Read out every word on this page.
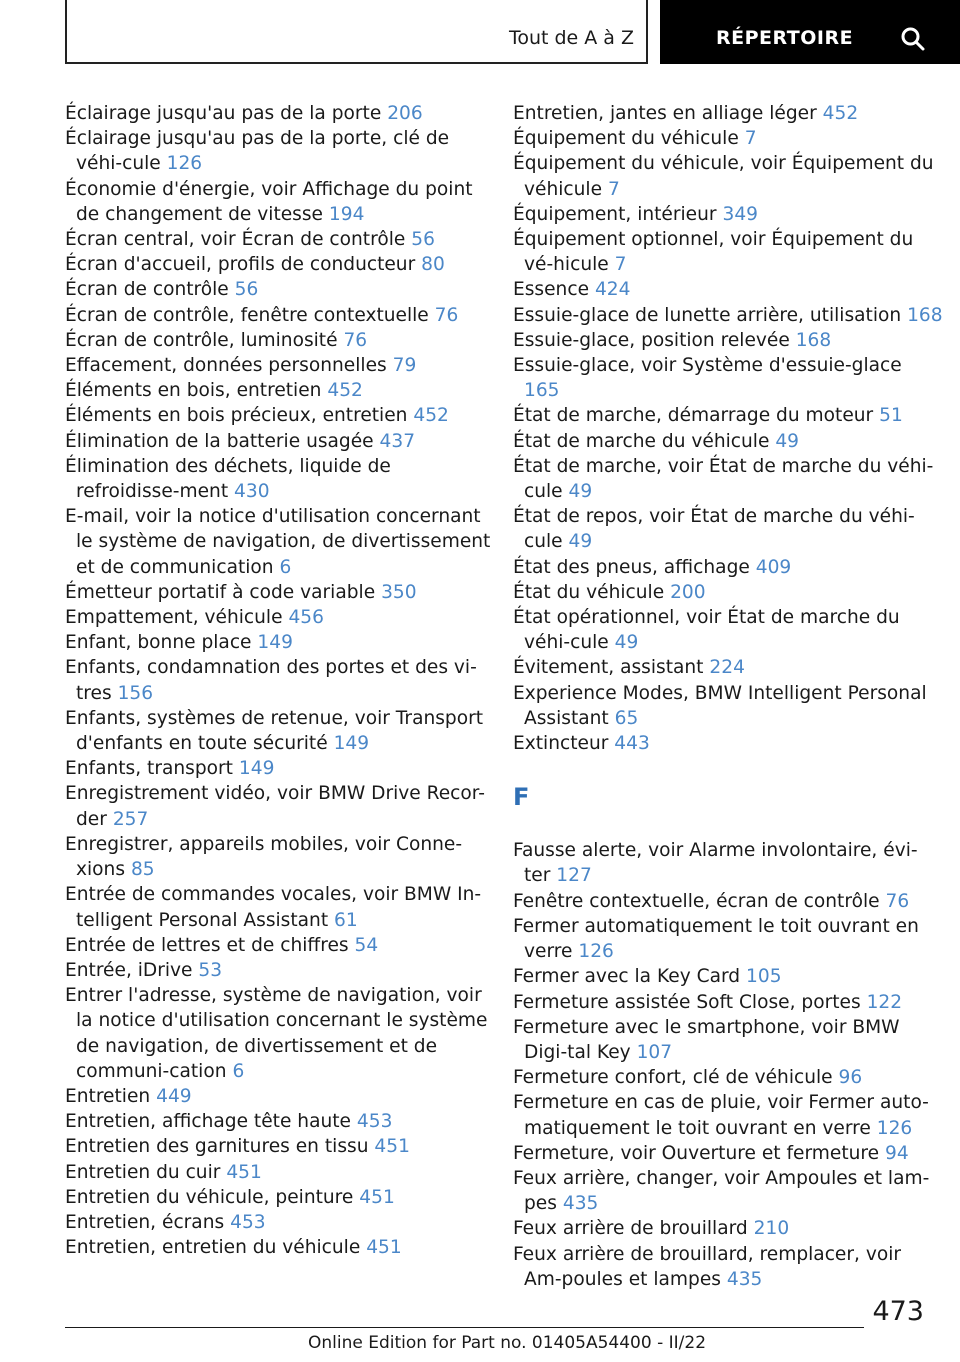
Tout de A à Z	RÉPERTOIRE
Éclairage jusqu'au pas de la porte 206
Éclairage jusqu'au pas de la porte, clé de véhi-cule 126
Économie d'énergie, voir Affichage du point de changement de vitesse 194
Écran central, voir Écran de contrôle 56
Écran d'accueil, profils de conducteur 80
Écran de contrôle 56
Écran de contrôle, fenêtre contextuelle 76
Écran de contrôle, luminosité 76
Effacement, données personnelles 79
Éléments en bois, entretien 452
Éléments en bois précieux, entretien 452
Élimination de la batterie usagée 437
Élimination des déchets, liquide de refroidisse-ment 430
E-mail, voir la notice d'utilisation concernant le système de navigation, de divertissement et de communication 6
Émetteur portatif à code variable 350
Empattement, véhicule 456
Enfant, bonne place 149
Enfants, condamnation des portes et des vi-tres 156
Enfants, systèmes de retenue, voir Transport d'enfants en toute sécurité 149
Enfants, transport 149
Enregistrement vidéo, voir BMW Drive Recor-der 257
Enregistrer, appareils mobiles, voir Conne-xions 85
Entrée de commandes vocales, voir BMW In-telligent Personal Assistant 61
Entrée de lettres et de chiffres 54
Entrée, iDrive 53
Entrer l'adresse, système de navigation, voir la notice d'utilisation concernant le système de navigation, de divertissement et de communi-cation 6
Entretien 449
Entretien, affichage tête haute 453
Entretien des garnitures en tissu 451
Entretien du cuir 451
Entretien du véhicule, peinture 451
Entretien, écrans 453
Entretien, entretien du véhicule 451
Entretien, jantes en alliage léger 452
Équipement du véhicule 7
Équipement du véhicule, voir Équipement du véhicule 7
Équipement, intérieur 349
Équipement optionnel, voir Équipement du vé-hicule 7
Essence 424
Essuie-glace de lunette arrière, utilisation 168
Essuie-glace, position relevée 168
Essuie-glace, voir Système d'essuie-glace 165
État de marche, démarrage du moteur 51
État de marche du véhicule 49
État de marche, voir État de marche du véhi-cule 49
État de repos, voir État de marche du véhi-cule 49
État des pneus, affichage 409
État du véhicule 200
État opérationnel, voir État de marche du véhi-cule 49
Évitement, assistant 224
Experience Modes, BMW Intelligent Personal Assistant 65
Extincteur 443
F
Fausse alerte, voir Alarme involontaire, évi-ter 127
Fenêtre contextuelle, écran de contrôle 76
Fermer automatiquement le toit ouvrant en verre 126
Fermer avec la Key Card 105
Fermeture assistée Soft Close, portes 122
Fermeture avec le smartphone, voir BMW Digi-tal Key 107
Fermeture confort, clé de véhicule 96
Fermeture en cas de pluie, voir Fermer auto-matiquement le toit ouvrant en verre 126
Fermeture, voir Ouverture et fermeture 94
Feux arrière, changer, voir Ampoules et lam-pes 435
Feux arrière de brouillard 210
Feux arrière de brouillard, remplacer, voir Am-poules et lampes 435
473
Online Edition for Part no. 01405A54400 - II/22
